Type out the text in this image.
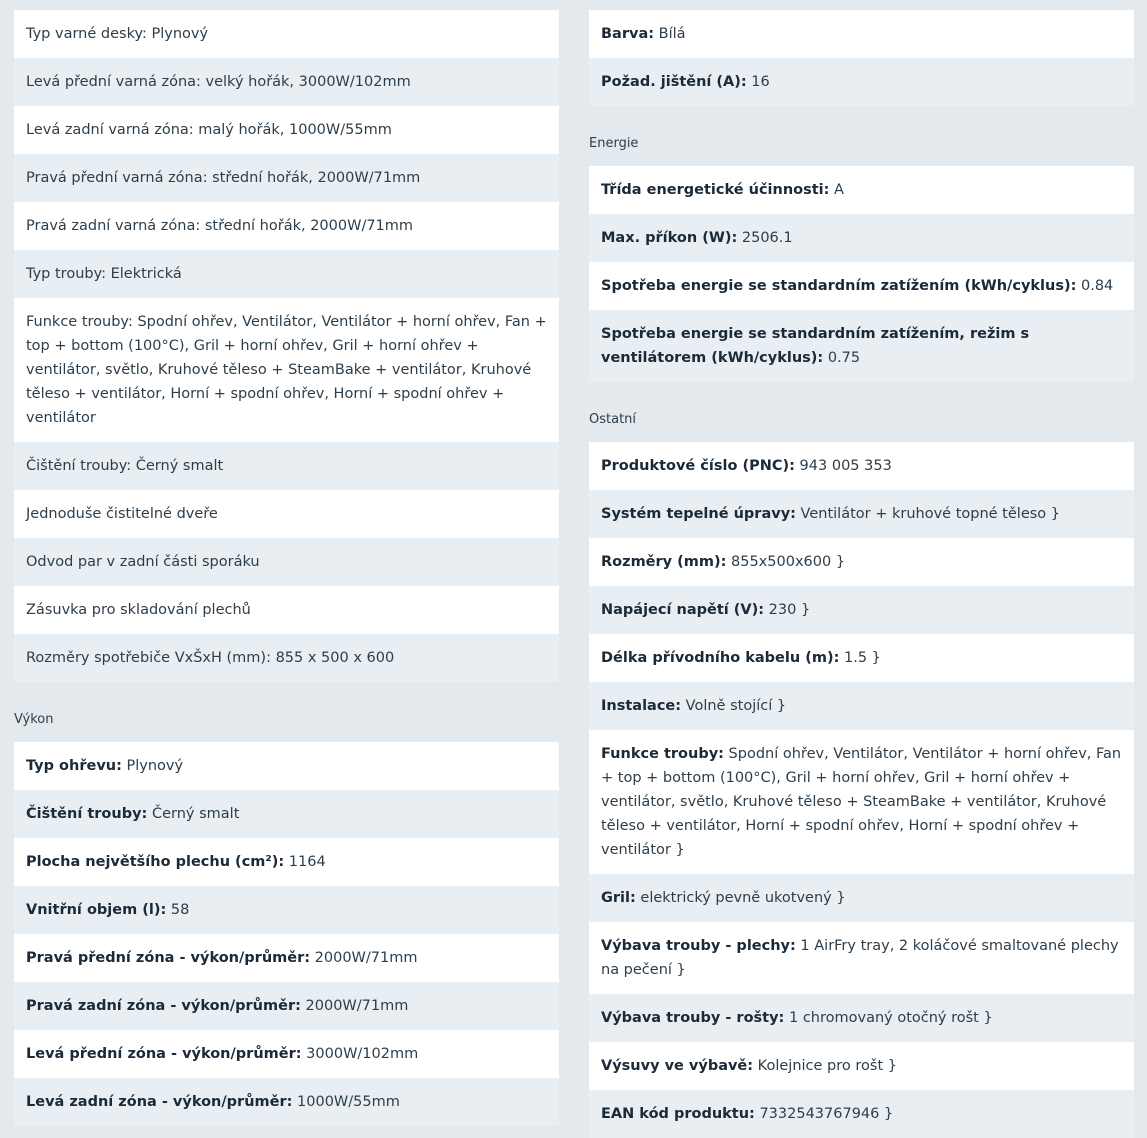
Typ varné desky: Plynový
Levá přední varná zóna: velký hořák, 3000W/102mm
Levá zadní varná zóna: malý hořák, 1000W/55mm
Pravá přední varná zóna: střední hořák, 2000W/71mm
Pravá zadní varná zóna: střední hořák, 2000W/71mm
Typ trouby: Elektrická
Funkce trouby: Spodní ohřev, Ventilátor, Ventilátor + horní ohřev, Fan + top + bottom (100°C), Gril + horní ohřev, Gril + horní ohřev + ventilátor, světlo, Kruhové těleso + SteamBake + ventilátor, Kruhové těleso + ventilátor, Horní + spodní ohřev, Horní + spodní ohřev + ventilátor
Čištění trouby: Černý smalt
Jednoduše čistitelné dveře
Odvod par v zadní části sporáku
Zásuvka pro skladování plechů
Rozměry spotřebiče VxŠxH (mm): 855 x 500 x 600
Výkon
Typ ohřevu: Plynový
Čištění trouby: Černý smalt
Plocha největšího plechu (cm²): 1164
Vnitřní objem (l): 58
Pravá přední zóna - výkon/průměr: 2000W/71mm
Pravá zadní zóna - výkon/průměr: 2000W/71mm
Levá přední zóna - výkon/průměr: 3000W/102mm
Levá zadní zóna - výkon/průměr: 1000W/55mm
Barva: Bílá
Požad. jištění (A): 16
Energie
Třída energetické účinnosti: A
Max. příkon (W): 2506.1
Spotřeba energie se standardním zatížením (kWh/cyklus): 0.84
Spotřeba energie se standardním zatížením, režim s ventilátorem (kWh/cyklus): 0.75
Ostatní
Produktové číslo (PNC): 943 005 353
Systém tepelné úpravy: Ventilátor + kruhové topné těleso }
Rozměry (mm): 855x500x600 }
Napájecí napětí (V): 230 }
Délka přívodního kabelu (m): 1.5 }
Instalace: Volně stojící }
Funkce trouby: Spodní ohřev, Ventilátor, Ventilátor + horní ohřev, Fan + top + bottom (100°C), Gril + horní ohřev, Gril + horní ohřev + ventilátor, světlo, Kruhové těleso + SteamBake + ventilátor, Kruhové těleso + ventilátor, Horní + spodní ohřev, Horní + spodní ohřev + ventilátor }
Gril: elektrický pevně ukotvený }
Výbava trouby - plechy: 1 AirFry tray, 2 koláčové smaltované plechy na pečení }
Výbava trouby - rošty: 1 chromovaný otočný rošt }
Výsuvy ve výbavě: Kolejnice pro rošt }
EAN kód produktu: 7332543767946 }
